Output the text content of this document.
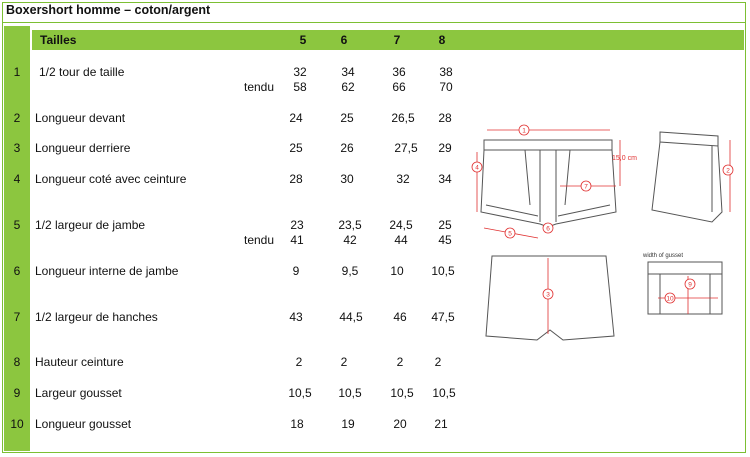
Boxershort homme – coton/argent
Tailles	5	6	7	8
1	1/2 tour de taille	32	34	36	38
tendu	58	62	66	70
2	Longueur devant	24	25	26,5	28
3	Longueur derriere	25	26	27,5	29
4	Longueur coté avec ceinture	28	30	32	34
5	1/2 largeur de jambe	23	23,5	24,5	25
tendu	41	42	44	45
6	Longueur interne de jambe	9	9,5	10	10,5
7	1/2 largeur de hanches	43	44,5	46	47,5
8	Hauteur ceinture	2	2	2	2
9	Largeur gousset	10,5	10,5	10,5	10,5
10 Longueur gousset	18	19	20	21
1
4
7
5
6
2
3
10
9
15,0 cm
width of gusset
